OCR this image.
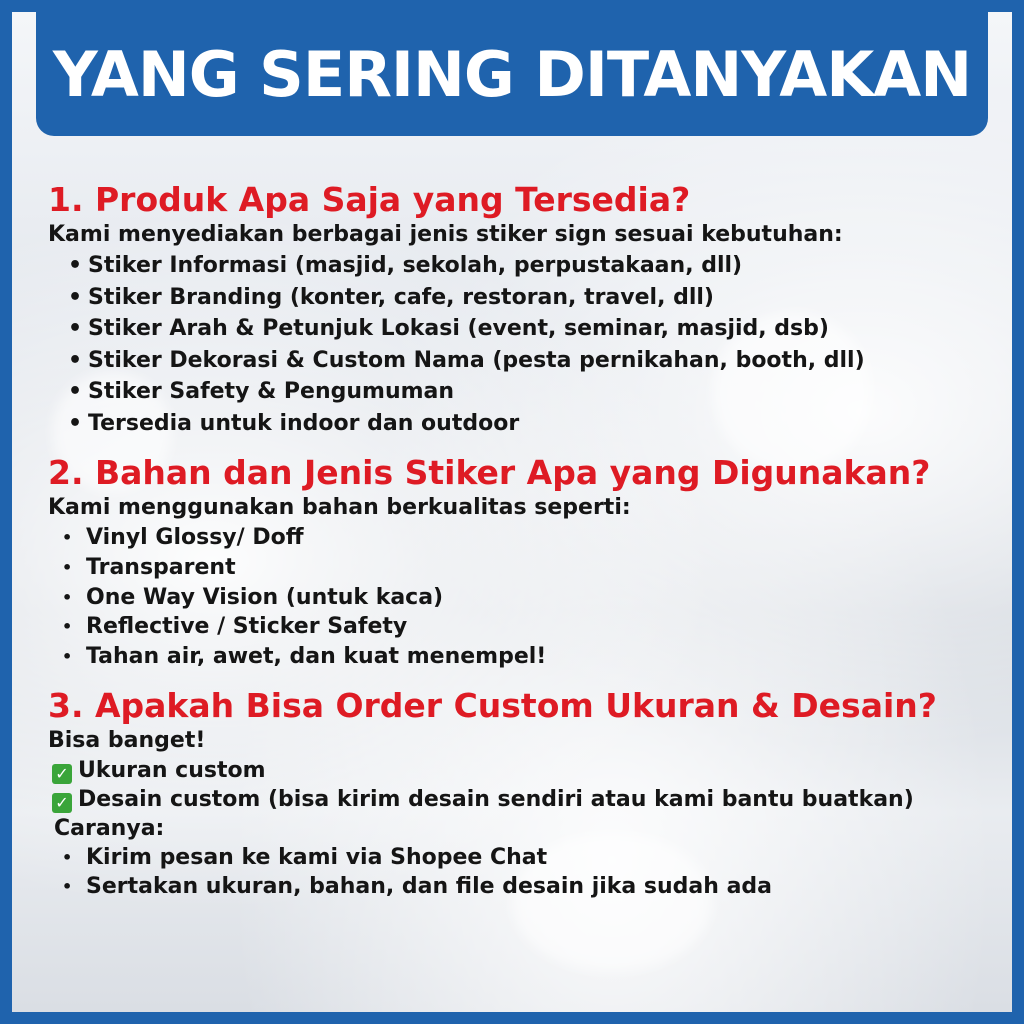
YANG SERING DITANYAKAN

1. Produk Apa Saja yang Tersedia?

Kami menyediakan berbagai jenis stiker sign sesuai kebutuhan:

• Stiker Informasi (masjid, sekolah, perpustakaan, dll)
• Stiker Branding (konter, cafe, restoran, travel, dll)
• Stiker Arah & Petunjuk Lokasi (event, seminar, masjid, dsb)
• Stiker Dekorasi & Custom Nama (pesta pernikahan, booth, dll)
• Stiker Safety & Pengumuman
• Tersedia untuk indoor dan outdoor

2. Bahan dan Jenis Stiker Apa yang Digunakan?

Kami menggunakan bahan berkualitas seperti:

• Vinyl Glossy/ Doff
• Transparent
• One Way Vision (untuk kaca)
• Reflective / Sticker Safety
• Tahan air, awet, dan kuat menempel!

3. Apakah Bisa Order Custom Ukuran & Desain?

Bisa banget!

✓ Ukuran custom
✓ Desain custom (bisa kirim desain sendiri atau kami bantu buatkan)
Caranya:
• Kirim pesan ke kami via Shopee Chat
• Sertakan ukuran, bahan, dan file desain jika sudah ada
